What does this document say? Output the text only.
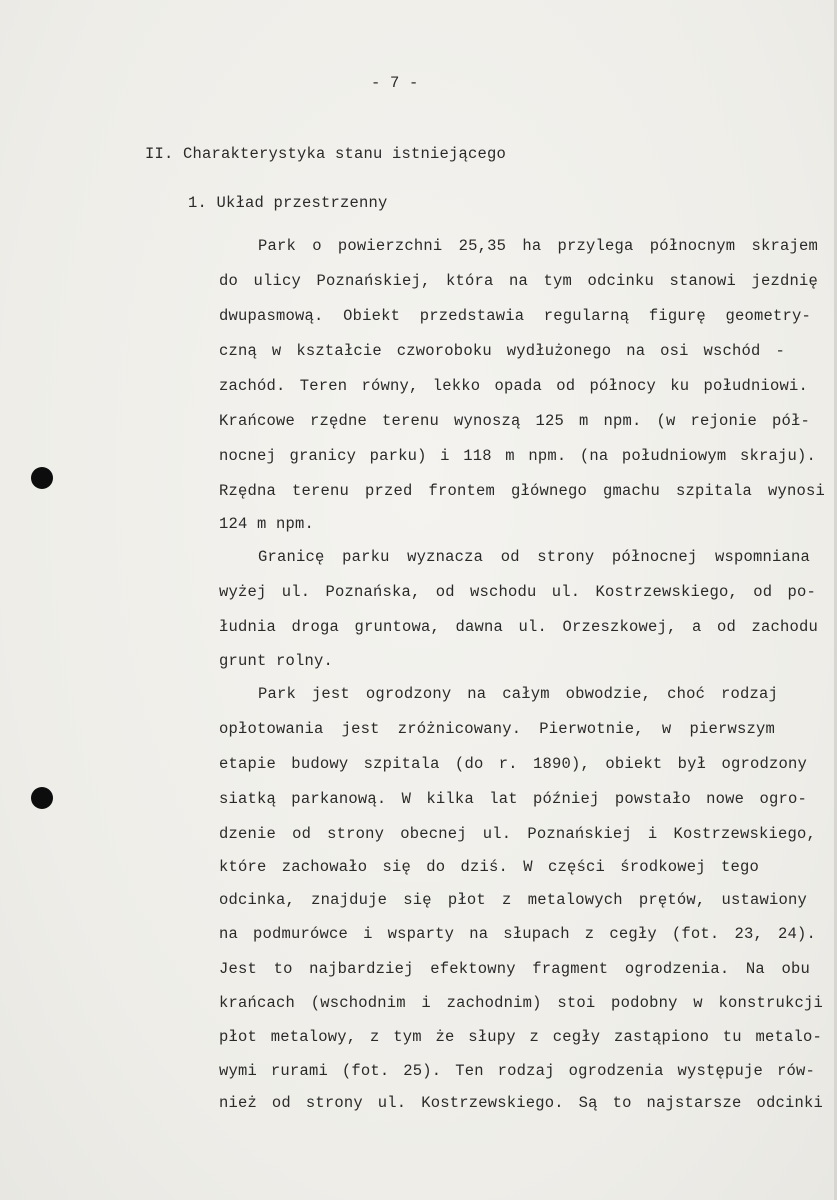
- 7 -
II. Charakterystyka stanu istniejącego
1. Układ przestrzenny
Park o powierzchni 25,35 ha przylega północnym skrajem
do ulicy Poznańskiej, która na tym odcinku stanowi jezdnię
dwupasmową. Obiekt przedstawia regularną figurę geometry-
czną w kształcie czworoboku wydłużonego na osi wschód -
zachód. Teren równy, lekko opada od północy ku południowi.
Krańcowe rzędne terenu wynoszą 125 m npm. (w rejonie pół-
nocnej granicy parku) i 118 m npm. (na południowym skraju).
Rzędna terenu przed frontem głównego gmachu szpitala wynosi
124 m npm.
Granicę parku wyznacza od strony północnej wspomniana
wyżej ul. Poznańska, od wschodu ul. Kostrzewskiego, od po-
łudnia droga gruntowa, dawna ul. Orzeszkowej, a od zachodu
grunt rolny.
Park jest ogrodzony na całym obwodzie, choć rodzaj
opłotowania jest zróżnicowany. Pierwotnie, w pierwszym
etapie budowy szpitala (do r. 1890), obiekt był ogrodzony
siatką parkanową. W kilka lat później powstało nowe ogro-
dzenie od strony obecnej ul. Poznańskiej i Kostrzewskiego,
które zachowało się do dziś. W części środkowej tego
odcinka, znajduje się płot z metalowych prętów, ustawiony
na podmurówce i wsparty na słupach z cegły (fot. 23, 24).
Jest to najbardziej efektowny fragment ogrodzenia. Na obu
krańcach (wschodnim i zachodnim) stoi podobny w konstrukcji
płot metalowy, z tym że słupy z cegły zastąpiono tu metalo-
wymi rurami (fot. 25). Ten rodzaj ogrodzenia występuje rów-
nież od strony ul. Kostrzewskiego. Są to najstarsze odcinki
